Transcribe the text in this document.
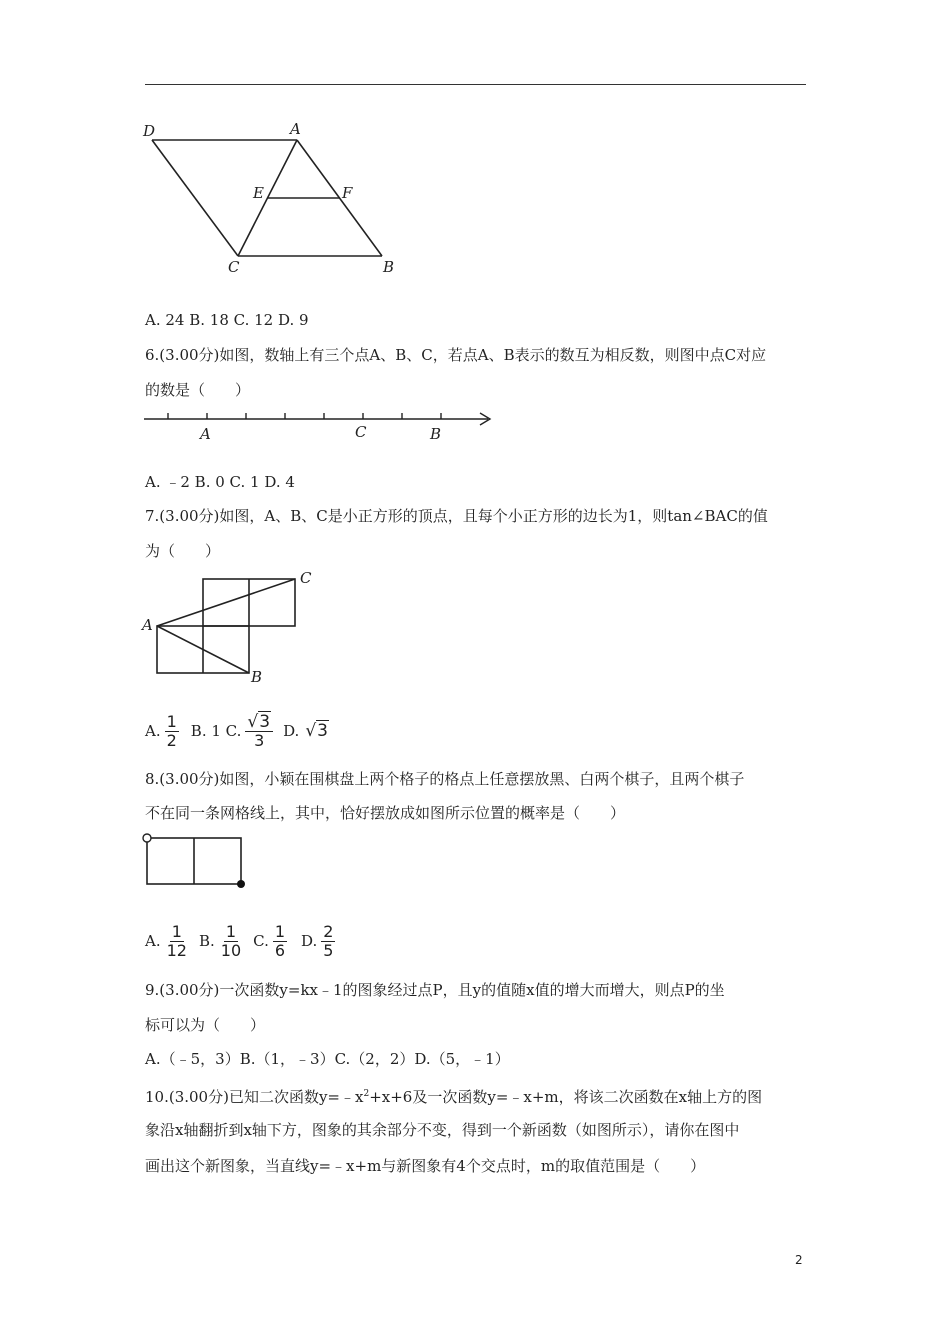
D	A
E	F
C	B
A. 24 B. 18 C. 12 D. 9
6.(3.00分)如图，数轴上有三个点A、B、C，若点A、B表示的数互为相反数，则图中点C对应
的数是（　　）
A	C	B
A. ﹣2 B. 0 C. 1 D. 4
7.(3.00分)如图，A、B、C是小正方形的顶点，且每个小正方形的边长为1，则tan∠BAC的值
为（　　）
A
B
C
A. $\frac{1}{2} B$. 1 C. $\frac{√3}{3} D$. √3
8.(3.00分)如图，小颖在围棋盘上两个格子的格点上任意摆放黑、白两个棋子，且两个棋子
不在同一条网格线上，其中，恰好摆放成如图所示位置的概率是（　　）
A. $\frac{1}{12} B$. $\frac{1}{10} C$. $\frac{1}{6} D$. $\frac{2}{5}$
9.(3.00分)一次函数y=kx﹣1的图象经过点P，且y的值随x值的增大而增大，则点P的坐
标可以为（　　）
A.（﹣5，3）B.（1，﹣3）C.（2，2）D.（5，﹣1）
10.(3.00分)已知二次函数$y=﹣x^2+x+6$及一次函数y=﹣x+m，将该二次函数在x轴上方的图
象沿x轴翻折到x轴下方，图象的其余部分不变，得到一个新函数（如图所示），请你在图中
画出这个新图象，当直线y=﹣x+m与新图象有4个交点时，m的取值范围是（　　）
2
